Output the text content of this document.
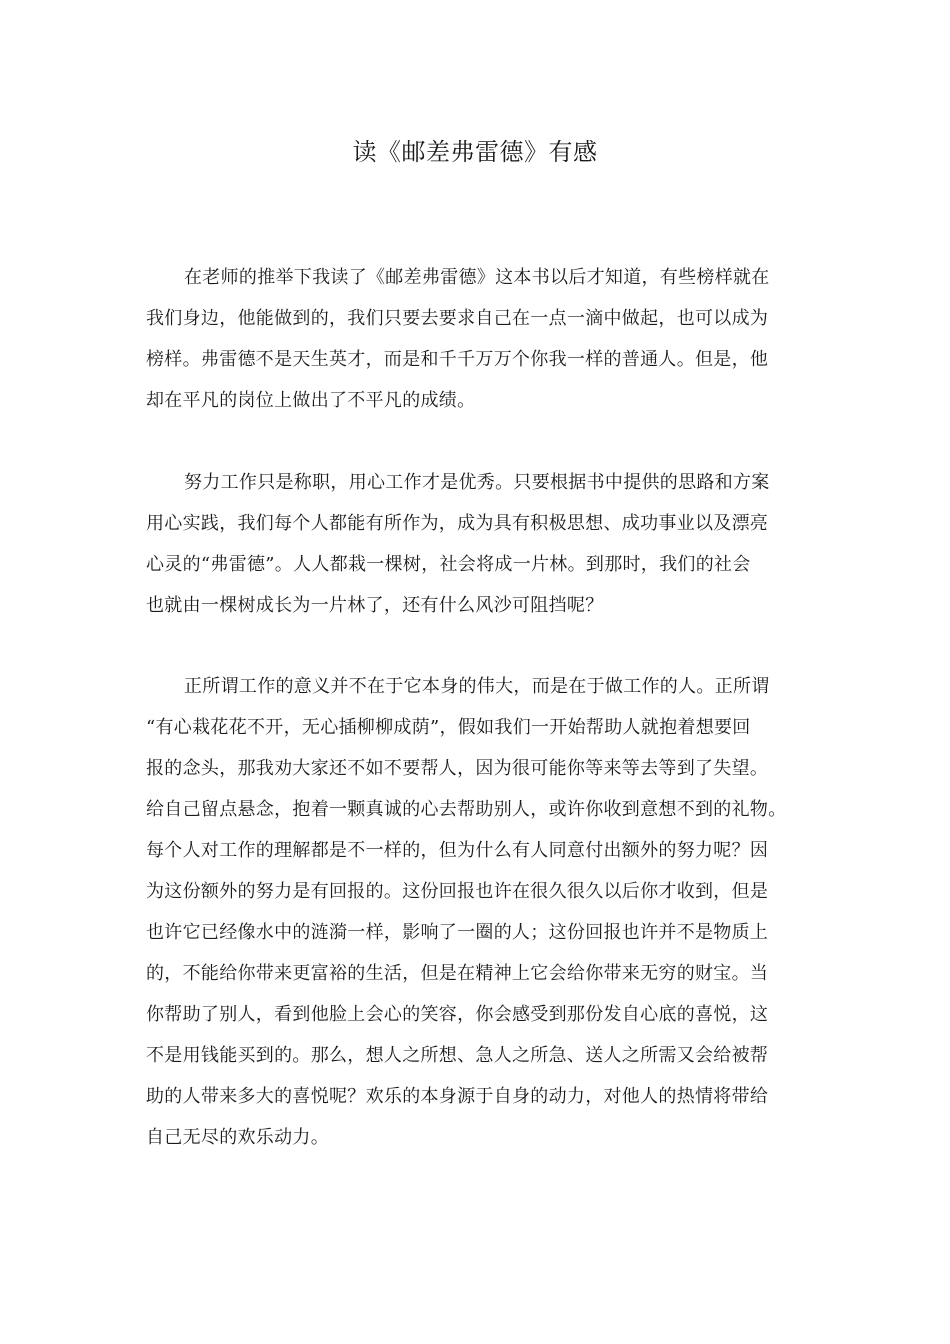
读《邮差弗雷德》有感
在老师的推举下我读了《邮差弗雷德》这本书以后才知道，有些榜样就在
我们身边，他能做到的，我们只要去要求自己在一点一滴中做起，也可以成为
榜样。弗雷德不是天生英才，而是和千千万万个你我一样的普通人。但是，他
却在平凡的岗位上做出了不平凡的成绩。
努力工作只是称职，用心工作才是优秀。只要根据书中提供的思路和方案
用心实践，我们每个人都能有所作为，成为具有积极思想、成功事业以及漂亮
心灵的“弗雷德”。人人都栽一棵树，社会将成一片林。到那时，我们的社会
也就由一棵树成长为一片林了，还有什么风沙可阻挡呢？
正所谓工作的意义并不在于它本身的伟大，而是在于做工作的人。正所谓
“有心栽花花不开，无心插柳柳成荫”，假如我们一开始帮助人就抱着想要回
报的念头，那我劝大家还不如不要帮人，因为很可能你等来等去等到了失望。
给自己留点悬念，抱着一颗真诚的心去帮助别人，或许你收到意想不到的礼物。
每个人对工作的理解都是不一样的，但为什么有人同意付出额外的努力呢？因
为这份额外的努力是有回报的。这份回报也许在很久很久以后你才收到，但是
也许它已经像水中的涟漪一样，影响了一圈的人；这份回报也许并不是物质上
的，不能给你带来更富裕的生活，但是在精神上它会给你带来无穷的财宝。当
你帮助了别人，看到他脸上会心的笑容，你会感受到那份发自心底的喜悦，这
不是用钱能买到的。那么，想人之所想、急人之所急、送人之所需又会给被帮
助的人带来多大的喜悦呢？欢乐的本身源于自身的动力，对他人的热情将带给
自己无尽的欢乐动力。
